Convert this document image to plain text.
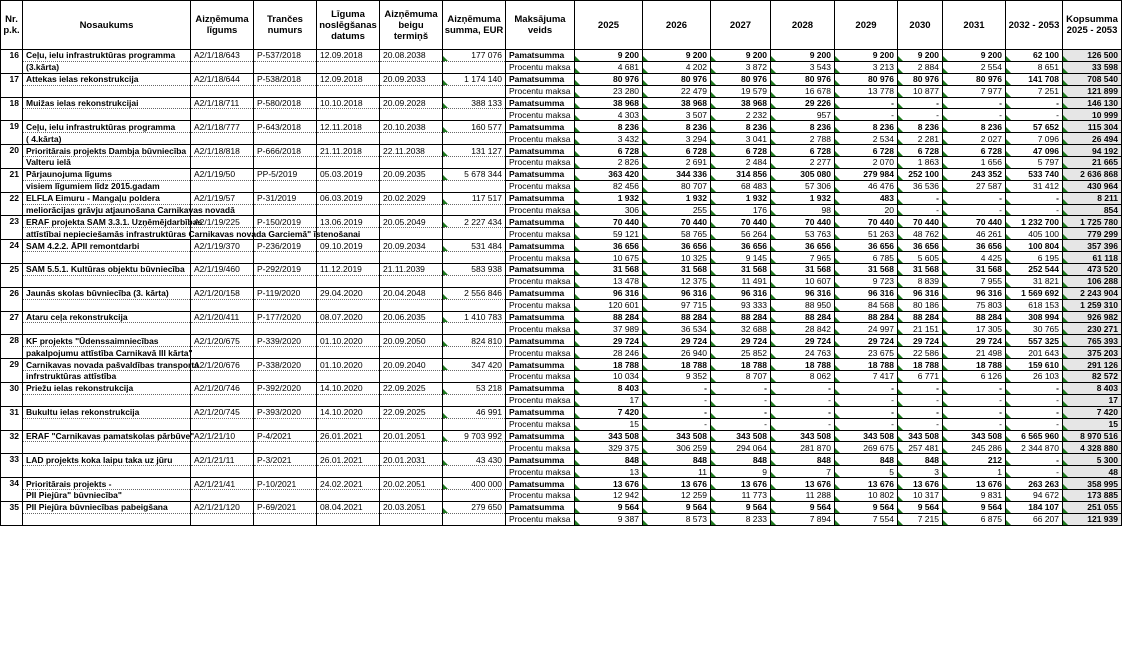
Nr. p.k.	Nosaukums	Aizņēmuma līgums	Trančes numurs	Līguma noslēgšanas datums	Aizņēmuma beigu termiņš	Aizņēmuma summa, EUR	Maksājuma veids	2025	2026	2027	2028	2029	2030	2031	2032 - 2053	Kopsumma 2025 - 2053
16	Ceļu, ielu infrastruktūras programma	A2/1/18/643	P-537/2018	12.09.2018	20.08.2038	177 076	Pamatsumma	9 200	9 200	9 200	9 200	9 200	9 200	9 200	62 100	126 500

	(3.kārta)						Procentu maksa	4 681	4 202	3 872	3 543	3 213	2 884	2 554	8 651	33 598

17	Attekas ielas rekonstrukcija	A2/1/18/644	P-538/2018	12.09.2018	20.09.2033	1 174 140	Pamatsumma	80 976	80 976	80 976	80 976	80 976	80 976	80 976	141 708	708 540

							Procentu maksa	23 280	22 479	19 579	16 678	13 778	10 877	7 977	7 251	121 899

18	Muižas ielas rekonstrukcijai	A2/1/18/711	P-580/2018	10.10.2018	20.09.2028	388 133	Pamatsumma	38 968	38 968	38 968	29 226	-	-	-	-	146 130

							Procentu maksa	4 303	3 507	2 232	957	-	-	-	-	10 999

19	Ceļu, ielu infrastruktūras programma	A2/1/18/777	P-643/2018	12.11.2018	20.10.2038	160 577	Pamatsumma	8 236	8 236	8 236	8 236	8 236	8 236	8 236	57 652	115 304

	( 4.kārta)						Procentu maksa	3 432	3 294	3 041	2 788	2 534	2 281	2 027	7 096	26 494

20	Prioritārais projekts Dambja būvniecība	A2/1/18/818	P-666/2018	21.11.2018	22.11.2038	131 127	Pamatsumma	6 728	6 728	6 728	6 728	6 728	6 728	6 728	47 096	94 192

	Valteru ielā						Procentu maksa	2 826	2 691	2 484	2 277	2 070	1 863	1 656	5 797	21 665

21	Pārjaunojuma līgums	A2/1/19/50	PP-5/2019	05.03.2019	20.09.2035	5 678 344	Pamatsumma	363 420	344 336	314 856	305 080	279 984	252 100	243 352	533 740	2 636 868

	visiem līgumiem līdz 2015.gadam						Procentu maksa	82 456	80 707	68 483	57 306	46 476	36 536	27 587	31 412	430 964

22	ELFLA Eimuru - Mangaļu poldera	A2/1/19/57	P-31/2019	06.03.2019	20.02.2029	117 517	Pamatsumma	1 932	1 932	1 932	1 932	483	-	-	-	8 211

	meliorācijas grāvju atjaunošana Carnikavas novadā						Procentu maksa	306	255	176	98	20	-	-	-	854

23	ERAF projekta SAM 3.3.1. Uzņēmējdarbības	A2/1/19/225	P-150/2019	13.06.2019	20.05.2049	2 227 434	Pamatsumma	70 440	70 440	70 440	70 440	70 440	70 440	70 440	1 232 700	1 725 780

	attīstībai nepieciešamās infrastruktūras Carnikavas novada Garciemā" īstenošanai						Procentu maksa	59 121	58 765	56 264	53 763	51 263	48 762	46 261	405 100	779 299

24	SAM 4.2.2. ĀPII remontdarbi	A2/1/19/370	P-236/2019	09.10.2019	20.09.2034	531 484	Pamatsumma	36 656	36 656	36 656	36 656	36 656	36 656	36 656	100 804	357 396

							Procentu maksa	10 675	10 325	9 145	7 965	6 785	5 605	4 425	6 195	61 118

25	SAM 5.5.1. Kultūras objektu būvniecība	A2/1/19/460	P-292/2019	11.12.2019	21.11.2039	583 938	Pamatsumma	31 568	31 568	31 568	31 568	31 568	31 568	31 568	252 544	473 520

							Procentu maksa	13 478	12 375	11 491	10 607	9 723	8 839	7 955	31 821	106 288

26	Jaunās skolas būvniecība (3. kārta)	A2/1/20/158	P-119/2020	29.04.2020	20.04.2048	2 556 846	Pamatsumma	96 316	96 316	96 316	96 316	96 316	96 316	96 316	1 569 692	2 243 904

							Procentu maksa	120 601	97 715	93 333	88 950	84 568	80 186	75 803	618 153	1 259 310

27	Ataru ceļa rekonstrukcija	A2/1/20/411	P-177/2020	08.07.2020	20.06.2035	1 410 783	Pamatsumma	88 284	88 284	88 284	88 284	88 284	88 284	88 284	308 994	926 982

							Procentu maksa	37 989	36 534	32 688	28 842	24 997	21 151	17 305	30 765	230 271

28	KF projekts "Ūdenssaimniecības	A2/1/20/675	P-339/2020	01.10.2020	20.09.2050	824 810	Pamatsumma	29 724	29 724	29 724	29 724	29 724	29 724	29 724	557 325	765 393

	pakalpojumu attīstība Carnikavā III kārta"						Procentu maksa	28 246	26 940	25 852	24 763	23 675	22 586	21 498	201 643	375 203

29	Carnikavas novada pašvaldības transporta	A2/1/20/676	P-338/2020	01.10.2020	20.09.2040	347 420	Pamatsumma	18 788	18 788	18 788	18 788	18 788	18 788	18 788	159 610	291 126

	infrstruktūras attīstība						Procentu maksa	10 034	9 352	8 707	8 062	7 417	6 771	6 126	26 103	82 572

30	Priežu ielas rekonstrukcija	A2/1/20/746	P-392/2020	14.10.2020	22.09.2025	53 218	Pamatsumma	8 403	-	-	-	-	-	-	-	8 403

							Procentu maksa	17	-	-	-	-	-	-	-	17

31	Bukultu ielas rekonstrukcija	A2/1/20/745	P-393/2020	14.10.2020	22.09.2025	46 991	Pamatsumma	7 420	-	-	-	-	-	-	-	7 420

							Procentu maksa	15	-	-	-	-	-	-	-	15

32	ERAF "Carnikavas pamatskolas pārbūve"	A2/1/21/10	P-4/2021	26.01.2021	20.01.2051	9 703 992	Pamatsumma	343 508	343 508	343 508	343 508	343 508	343 508	343 508	6 565 960	8 970 516

							Procentu maksa	329 375	306 259	294 064	281 870	269 675	257 481	245 286	2 344 870	4 328 880

33	LAD projekts koka laipu taka uz jūru	A2/1/21/11	P-3/2021	26.01.2021	20.01.2031	43 430	Pamatsumma	848	848	848	848	848	848	212	-	5 300

							Procentu maksa	13	11	9	7	5	3	1	-	48

34	Prioritārais projekts -	A2/1/21/41	P-10/2021	24.02.2021	20.02.2051	400 000	Pamatsumma	13 676	13 676	13 676	13 676	13 676	13 676	13 676	263 263	358 995

	PII Piejūra" būvniecība"						Procentu maksa	12 942	12 259	11 773	11 288	10 802	10 317	9 831	94 672	173 885

35	PII Piejūra būvniecības pabeigšana	A2/1/21/120	P-69/2021	08.04.2021	20.03.2051	279 650	Pamatsumma	9 564	9 564	9 564	9 564	9 564	9 564	9 564	184 107	251 055

							Procentu maksa	9 387	8 573	8 233	7 894	7 554	7 215	6 875	66 207	121 939
